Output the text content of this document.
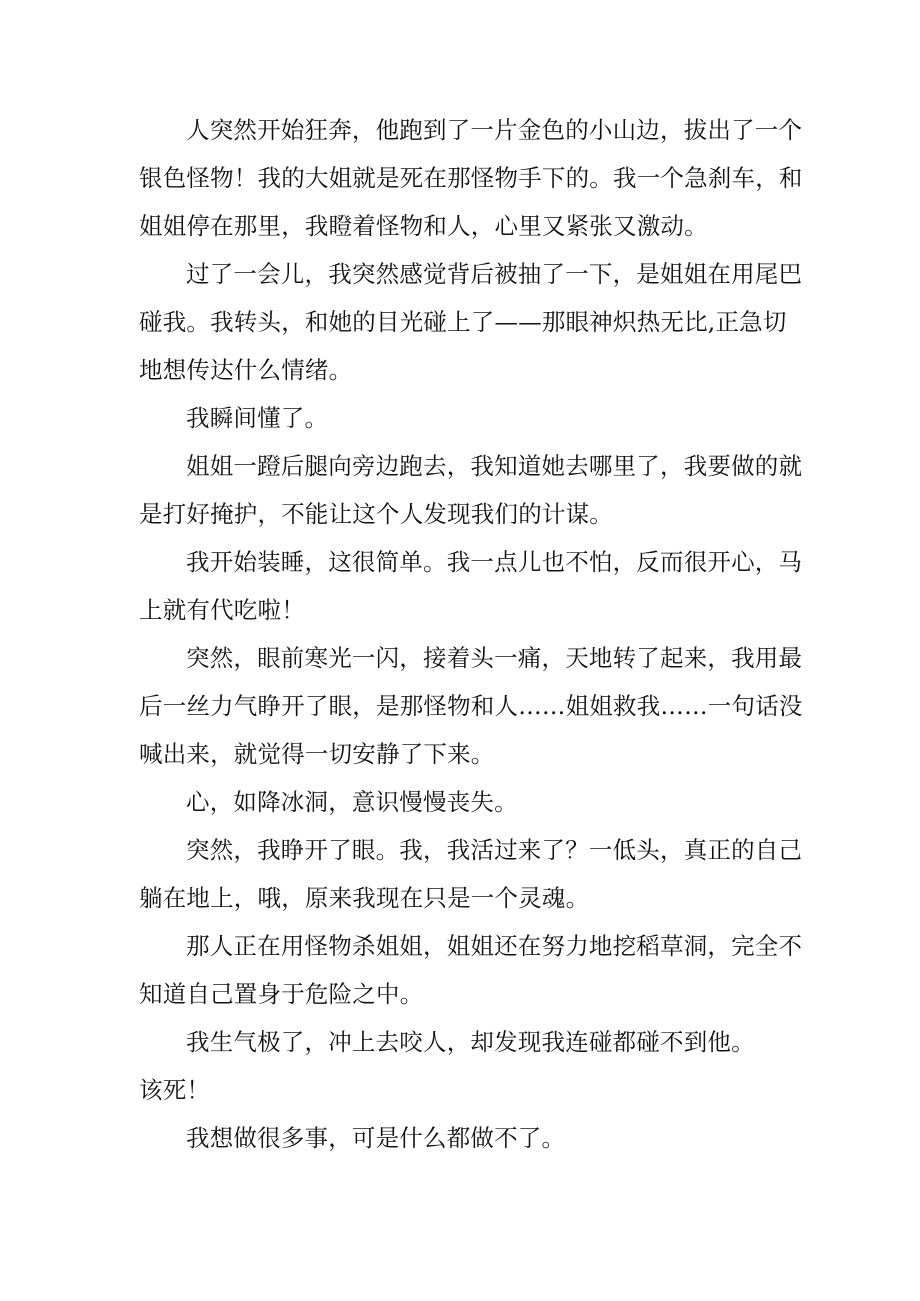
人突然开始狂奔，他跑到了一片金色的小山边，拔出了一个
银色怪物！我的大姐就是死在那怪物手下的。我一个急刹车，和
姐姐停在那里，我瞪着怪物和人，心里又紧张又激动。

过了一会儿，我突然感觉背后被抽了一下，是姐姐在用尾巴
碰我。我转头，和她的目光碰上了——那眼神炽热无比,正急切
地想传达什么情绪。

我瞬间懂了。

姐姐一蹬后腿向旁边跑去，我知道她去哪里了，我要做的就
是打好掩护，不能让这个人发现我们的计谋。

我开始装睡，这很简单。我一点儿也不怕，反而很开心，马
上就有代吃啦！

突然，眼前寒光一闪，接着头一痛，天地转了起来，我用最
后一丝力气睁开了眼，是那怪物和人……姐姐救我……一句话没
喊出来，就觉得一切安静了下来。

心，如降冰洞，意识慢慢丧失。

突然，我睁开了眼。我，我活过来了？一低头，真正的自己
躺在地上，哦，原来我现在只是一个灵魂。

那人正在用怪物杀姐姐，姐姐还在努力地挖稻草洞，完全不
知道自己置身于危险之中。

我生气极了，冲上去咬人，却发现我连碰都碰不到他。
该死！

我想做很多事，可是什么都做不了。
